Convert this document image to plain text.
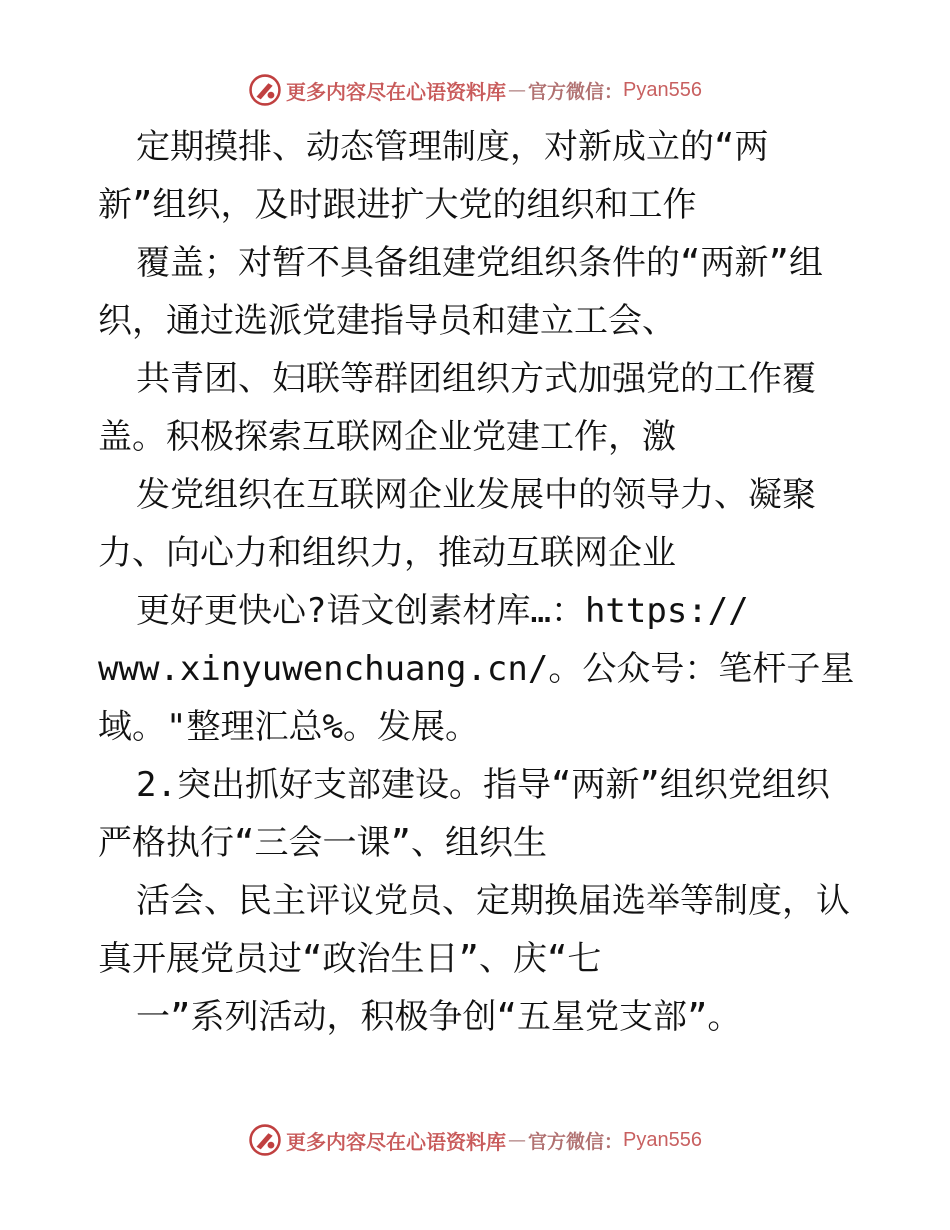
更多内容尽在心语资料库 — 官方微信： Pyan556
定期摸排、动态管理制度，对新成立的“两
新”组织，及时跟进扩大党的组织和工作
覆盖；对暂不具备组建党组织条件的“两新”组
织，通过选派党建指导员和建立工会、
共青团、妇联等群团组织方式加强党的工作覆
盖。积极探索互联网企业党建工作，激
发党组织在互联网企业发展中的领导力、凝聚
力、向心力和组织力，推动互联网企业
更好更快心?语文创素材库…：https://
www.xinyuwenchuang.cn/。公众号：笔杆子星
域。"整理汇总%。发展。
2.突出抓好支部建设。指导“两新”组织党组织
严格执行“三会一课”、组织生
活会、民主评议党员、定期换届选举等制度，认
真开展党员过“政治生日”、庆“七
一”系列活动，积极争创“五星党支部”。
更多内容尽在心语资料库 — 官方微信： Pyan556
